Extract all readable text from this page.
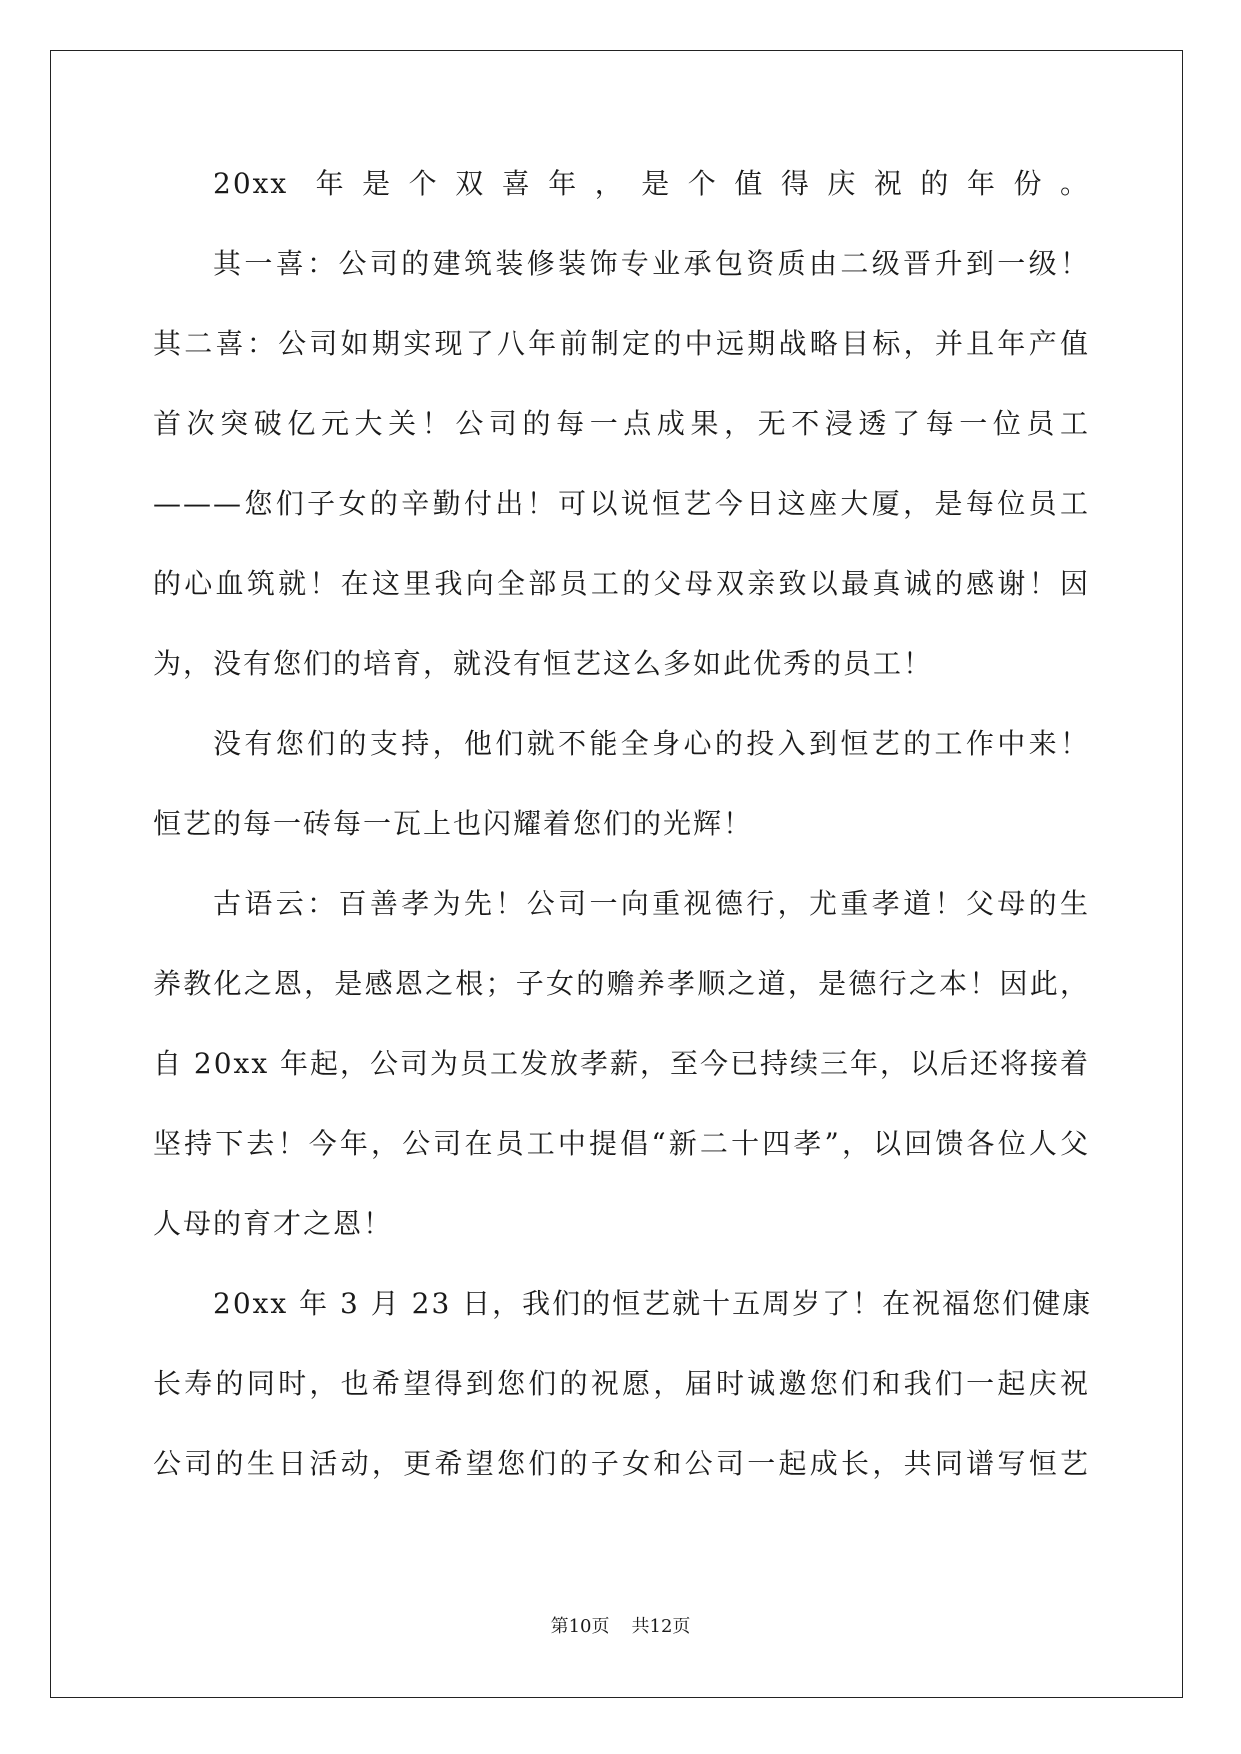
20xx 年是个双喜年，是个值得庆祝的年份。
其一喜：公司的建筑装修装饰专业承包资质由二级晋升到一级！
其二喜：公司如期实现了八年前制定的中远期战略目标，并且年产值
首次突破亿元大关！公司的每一点成果，无不浸透了每一位员工
———您们子女的辛勤付出！可以说恒艺今日这座大厦，是每位员工
的心血筑就！在这里我向全部员工的父母双亲致以最真诚的感谢！因
为，没有您们的培育，就没有恒艺这么多如此优秀的员工！
没有您们的支持，他们就不能全身心的投入到恒艺的工作中来！
恒艺的每一砖每一瓦上也闪耀着您们的光辉！
古语云：百善孝为先！公司一向重视德行，尤重孝道！父母的生
养教化之恩，是感恩之根；子女的赡养孝顺之道，是德行之本！因此，
自 20xx 年起，公司为员工发放孝薪，至今已持续三年，以后还将接着
坚持下去！今年，公司在员工中提倡“新二十四孝”，以回馈各位人父
人母的育才之恩！
20xx 年 3 月 23 日，我们的恒艺就十五周岁了！在祝福您们健康
长寿的同时，也希望得到您们的祝愿，届时诚邀您们和我们一起庆祝
公司的生日活动，更希望您们的子女和公司一起成长，共同谱写恒艺
第10页 共12页
